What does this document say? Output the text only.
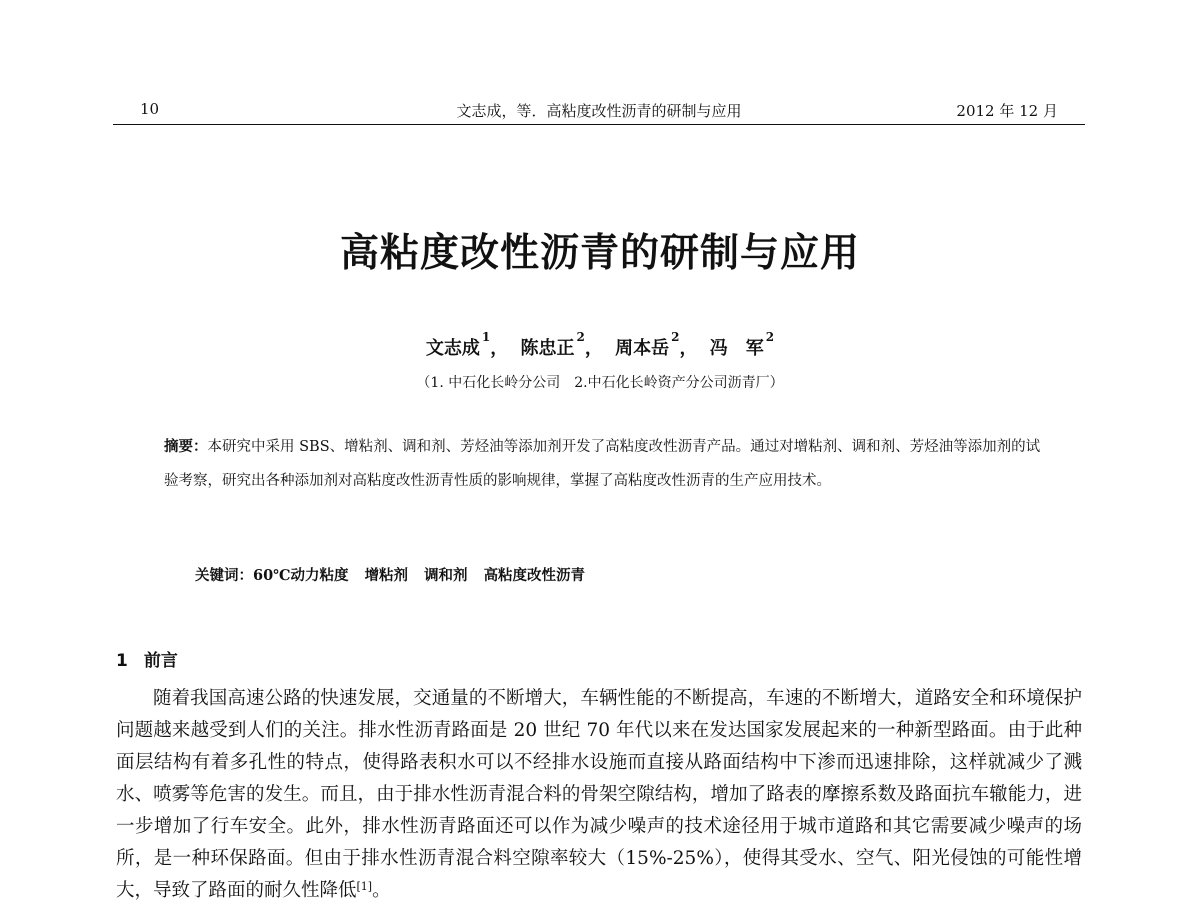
10	文志成，等．高粘度改性沥青的研制与应用	2012 年 12 月
高粘度改性沥青的研制与应用
文志成$^1$， 陈忠正$^2$， 周本岳$^2$， 冯　军$^2$
（1. 中石化长岭分公司 2.中石化长岭资产分公司沥青厂）
摘要：本研究中采用 SBS、增粘剂、调和剂、芳烃油等添加剂开发了高粘度改性沥青产品。通过对增粘剂、调和剂、芳烃油等添加剂的试验考察，研究出各种添加剂对高粘度改性沥青性质的影响规律，掌握了高粘度改性沥青的生产应用技术。
关键词：60℃动力粘度 增粘剂 调和剂 高粘度改性沥青
1 前言

随着我国高速公路的快速发展，交通量的不断增大，车辆性能的不断提高，车速的不断增大，道路安全和环境保护问题越来越受到人们的关注。排水性沥青路面是 20 世纪 70 年代以来在发达国家发展起来的一种新型路面。由于此种面层结构有着多孔性的特点，使得路表积水可以不经排水设施而直接从路面结构中下渗而迅速排除，这样就减少了溅水、喷雾等危害的发生。而且，由于排水性沥青混合料的骨架空隙结构，增加了路表的摩擦系数及路面抗车辙能力，进一步增加了行车安全。此外，排水性沥青路面还可以作为减少噪声的技术途径用于城市道路和其它需要减少噪声的场所，是一种环保路面。但由于排水性沥青混合料空隙率较大（15%-25%），使得其受水、空气、阳光侵蚀的可能性增大，导致了路面的耐久性降低[1]。
